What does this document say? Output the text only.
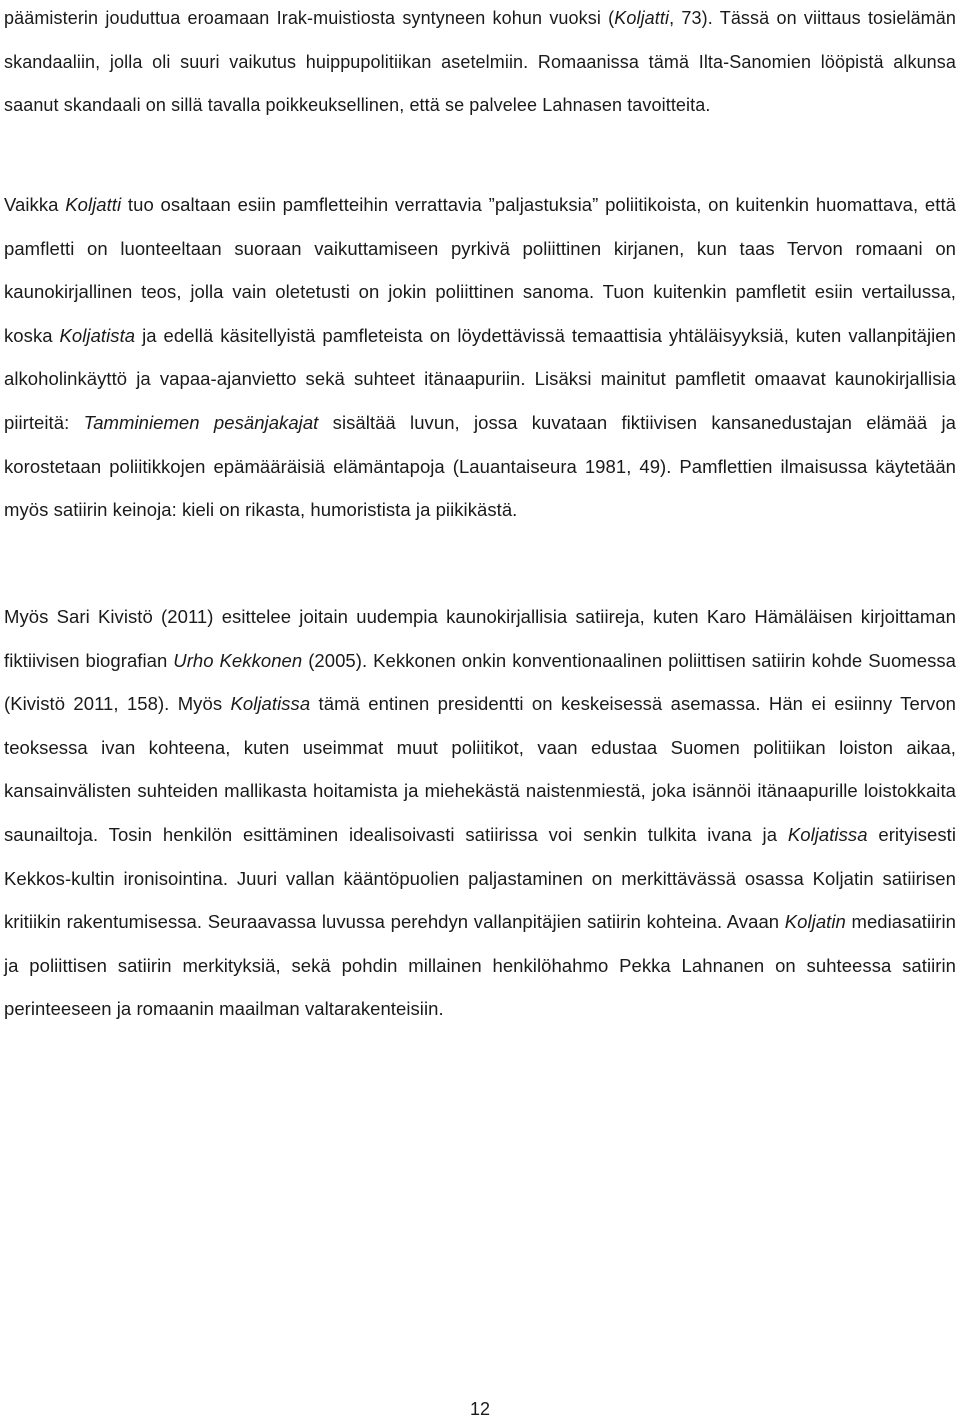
päämisterin jouduttua eroamaan Irak-muistiosta syntyneen kohun vuoksi (Koljatti, 73). Tässä on viittaus tosielämän skandaaliin, jolla oli suuri vaikutus huippupolitiikan asetelmiin. Romaanissa tämä Ilta-Sanomien lööpistä alkunsa saanut skandaali on sillä tavalla poikkeuksellinen, että se palvelee Lahnasen tavoitteita.

Vaikka Koljatti tuo osaltaan esiin pamfletteihin verrattavia ”paljastuksia” poliitikoista, on kuitenkin huomattava, että pamfletti on luonteeltaan suoraan vaikuttamiseen pyrkivä poliittinen kirjanen, kun taas Tervon romaani on kaunokirjallinen teos, jolla vain oletetusti on jokin poliittinen sanoma. Tuon kuitenkin pamfletit esiin vertailussa, koska Koljatista ja edellä käsitellyistä pamfleteista on löydettävissä temaattisia yhtäläisyyksiä, kuten vallanpitäjien alkoholinkäyttö ja vapaa-ajanvietto sekä suhteet itänaapuriin. Lisäksi mainitut pamfletit omaavat kaunokirjallisia piirteitä: Tamminiemen pesänjakajat sisältää luvun, jossa kuvataan fiktiivisen kansanedustajan elämää ja korostetaan poliitikkojen epämääräisiä elämäntapoja (Lauantaiseura 1981, 49). Pamflettien ilmaisussa käytetään myös satiirin keinoja: kieli on rikasta, humoristista ja piikikästä.

Myös Sari Kivistö (2011) esittelee joitain uudempia kaunokirjallisia satiireja, kuten Karo Hämäläisen kirjoittaman fiktiivisen biografian Urho Kekkonen (2005). Kekkonen onkin konventionaalinen poliittisen satiirin kohde Suomessa (Kivistö 2011, 158). Myös Koljatissa tämä entinen presidentti on keskeisessä asemassa. Hän ei esiinny Tervon teoksessa ivan kohteena, kuten useimmat muut poliitikot, vaan edustaa Suomen politiikan loiston aikaa, kansainvälisten suhteiden mallikasta hoitamista ja miehekästä naistenmiestä, joka isännöi itänaapurille loistokkaita saunailtoja. Tosin henkilön esittäminen idealisoivasti satiirissa voi senkin tulkita ivana ja Koljatissa erityisesti Kekkos-kultin ironisointina. Juuri vallan kääntöpuolien paljastaminen on merkittävässä osassa Koljatin satiirisen kritiikin rakentumisessa. Seuraavassa luvussa perehdyn vallanpitäjien satiirin kohteina. Avaan Koljatin mediasatiirin ja poliittisen satiirin merkityksiä, sekä pohdin millainen henkilöhahmo Pekka Lahnanen on suhteessa satiirin perinteeseen ja romaanin maailman valtarakenteisiin.

12
